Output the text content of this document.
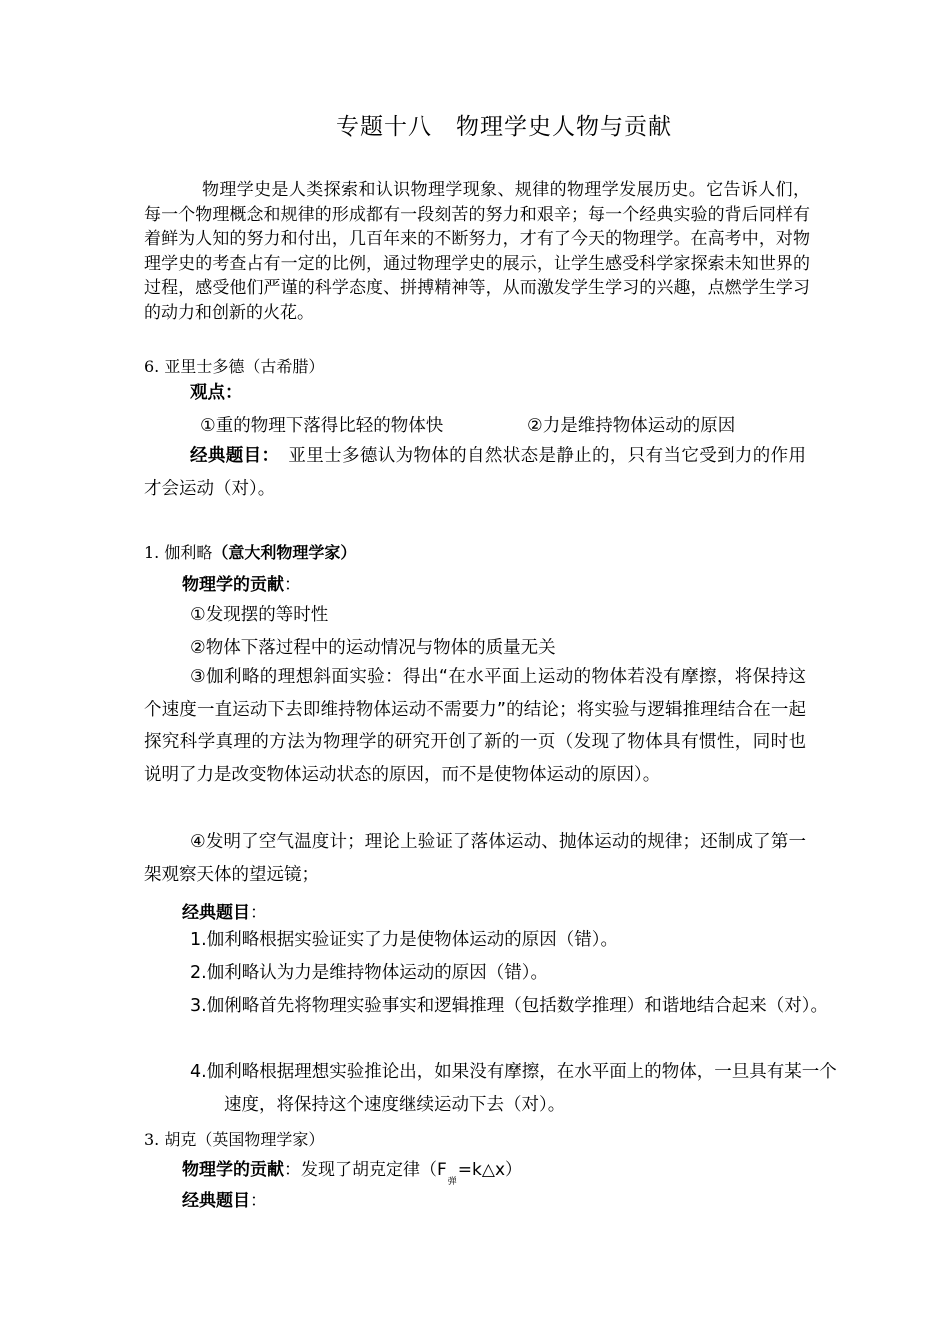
专题十八　物理学史人物与贡献
物理学史是人类探索和认识物理学现象、规律的物理学发展历史。它告诉人们，每一个物理概念和规律的形成都有一段刻苦的努力和艰辛；每一个经典实验的背后同样有着鲜为人知的努力和付出，几百年来的不断努力，才有了今天的物理学。在高考中，对物理学史的考查占有一定的比例，通过物理学史的展示，让学生感受科学家探索未知世界的过程，感受他们严谨的科学态度、拼搏精神等，从而激发学生学习的兴趣，点燃学生学习的动力和创新的火花。
6. 亚里士多德（古希腊）
观点：
①重的物理下落得比轻的物体快	②力是维持物体运动的原因
经典题目：　亚里士多德认为物体的自然状态是静止的，只有当它受到力的作用才会运动（对）。
1. 伽利略（意大利物理学家）
物理学的贡献：
①发现摆的等时性
②物体下落过程中的运动情况与物体的质量无关
③伽利略的理想斜面实验：得出“在水平面上运动的物体若没有摩擦，将保持这个速度一直运动下去即维持物体运动不需要力”的结论；将实验与逻辑推理结合在一起探究科学真理的方法为物理学的研究开创了新的一页（发现了物体具有惯性，同时也说明了力是改变物体运动状态的原因，而不是使物体运动的原因）。
④发明了空气温度计；理论上验证了落体运动、抛体运动的规律；还制成了第一架观察天体的望远镜；
经典题目：
1.伽利略根据实验证实了力是使物体运动的原因（错）。
2.伽利略认为力是维持物体运动的原因（错）。
3.伽俐略首先将物理实验事实和逻辑推理（包括数学推理）和谐地结合起来（对）。
4.伽利略根据理想实验推论出，如果没有摩擦，在水平面上的物体，一旦具有某一个速度，将保持这个速度继续运动下去（对）。
3. 胡克（英国物理学家）
物理学的贡献：发现了胡克定律$(F_弹=k\triangle x)$
经典题目：
